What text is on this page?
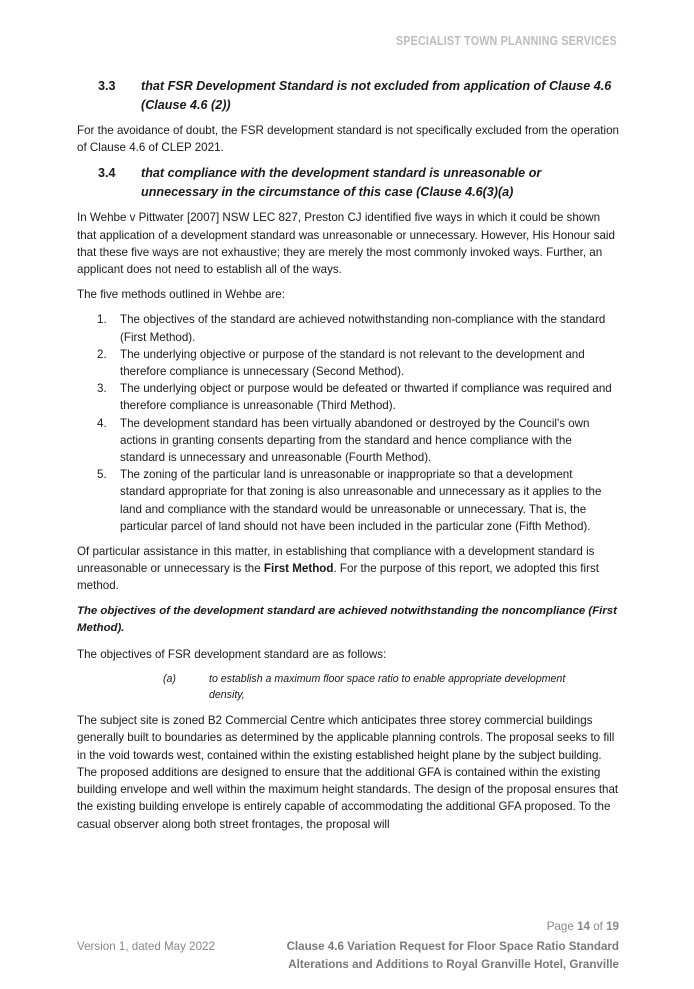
SPECIALIST TOWN PLANNING SERVICES
3.3	that FSR Development Standard is not excluded from application of Clause 4.6 (Clause 4.6 (2))

For the avoidance of doubt, the FSR development standard is not specifically excluded from the operation of Clause 4.6 of CLEP 2021.

3.4	that compliance with the development standard is unreasonable or unnecessary in the circumstance of this case (Clause 4.6(3)(a)

In Wehbe v Pittwater [2007] NSW LEC 827, Preston CJ identified five ways in which it could be shown that application of a development standard was unreasonable or unnecessary. However, His Honour said that these five ways are not exhaustive; they are merely the most commonly invoked ways. Further, an applicant does not need to establish all of the ways.

The five methods outlined in Wehbe are:

1.	The objectives of the standard are achieved notwithstanding non-compliance with the standard (First Method).
2.	The underlying objective or purpose of the standard is not relevant to the development and therefore compliance is unnecessary (Second Method).
3.	The underlying object or purpose would be defeated or thwarted if compliance was required and therefore compliance is unreasonable (Third Method).
4.	The development standard has been virtually abandoned or destroyed by the Council's own actions in granting consents departing from the standard and hence compliance with the standard is unnecessary and unreasonable (Fourth Method).
5.	The zoning of the particular land is unreasonable or inappropriate so that a development standard appropriate for that zoning is also unreasonable and unnecessary as it applies to the land and compliance with the standard would be unreasonable or unnecessary. That is, the particular parcel of land should not have been included in the particular zone (Fifth Method).

Of particular assistance in this matter, in establishing that compliance with a development standard is unreasonable or unnecessary is the First Method. For the purpose of this report, we adopted this first method.

The objectives of the development standard are achieved notwithstanding the noncompliance (First Method).

The objectives of FSR development standard are as follows:

(a)	to establish a maximum floor space ratio to enable appropriate development density,

The subject site is zoned B2 Commercial Centre which anticipates three storey commercial buildings generally built to boundaries as determined by the applicable planning controls. The proposal seeks to fill in the void towards west, contained within the existing established height plane by the subject building. The proposed additions are designed to ensure that the additional GFA is contained within the existing building envelope and well within the maximum height standards. The design of the proposal ensures that the existing building envelope is entirely capable of accommodating the additional GFA proposed. To the casual observer along both street frontages, the proposal will

Page 14 of 19
Version 1, dated May 2022	Clause 4.6 Variation Request for Floor Space Ratio Standard
Alterations and Additions to Royal Granville Hotel, Granville
